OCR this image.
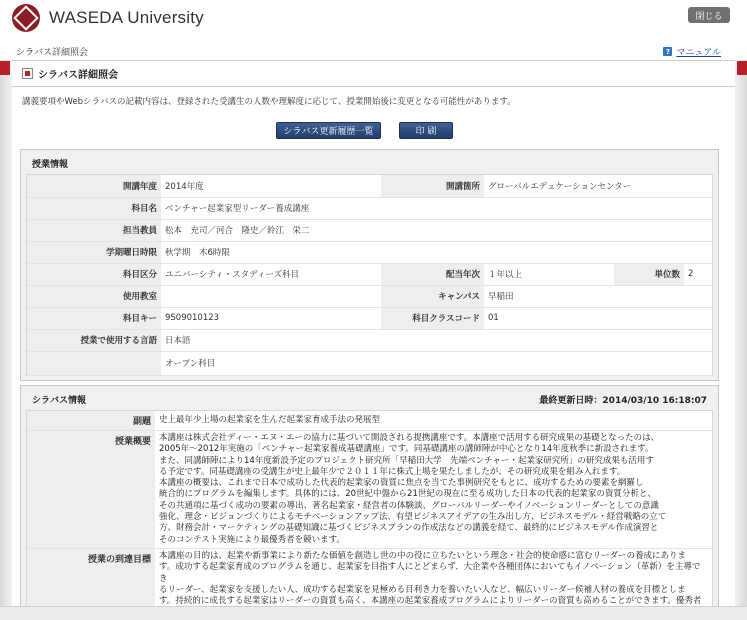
WASEDA University	閉じる
シラバス詳細照会	? マニュアル
シラバス詳細照会
講義要項やWebシラバスの記載内容は、登録された受講生の人数や理解度に応じて、授業開始後に変更となる可能性があります。
シラバス更新履歴一覧	印 刷
授業情報
開講年度	2014年度	開講箇所	グローバルエデュケーションセンター		
科目名	ベンチャー起業家型リーダー養成講座				
担当教員	松本　充司／河合　隆史／鈴江　栄二				
学期曜日時限	秋学期　木6時限				
科目区分	ユニバーシティ・スタディーズ科目	配当年次	１年以上	単位数	2
使用教室		キャンパス	早稲田		
科目キー	9S09010123	科目クラスコード	01		
授業で使用する言語	日本語				
	オープン科目				
シラバス情報	最終更新日時：2014/03/10 16:18:07
副題 史上最年少上場の起業家を生んだ起業家育成手法の発展型
授業概要 本講座は株式会社ディー・エヌ・エーの協力に基づいて開設される提携講座です。本講座で活用する研究成果の基礎となったのは、
2005年〜2012年実施の「ベンチャー起業家養成基礎講座」です。同基礎講座の講師陣が中心となり14年度秋季に新設されます。
また、同講師陣により14年度新設予定のプロジェクト研究所「早稲田大学　先端ベンチャー・起業家研究所」の研究成果も活用す
る予定です。同基礎講座の受講生が史上最年少で２０１１年に株式上場を果たしましたが、その研究成果を組み入れます。
本講座の概要は、これまで日本で成功した代表的起業家の資質に焦点を当てた事例研究をもとに、成功するための要素を網羅し
統合的にプログラムを編集します。具体的には、20世紀中盤から21世紀の現在に至る成功した日本の代表的起業家の資質分析と、
その共通項に基づく成功の要素の導出、著名起業家・経営者の体験談、グローバルリーダーやイノベーションリーダーとしての意識
強化、理念・ビジョンづくりによるモチベーションアップ法、有望ビジネスアイデアの生み出し方、ビジネスモデル・経営戦略の立て
方、財務会計・マーケティングの基礎知識に基づくビジネスプランの作成法などの講義を経て、最終的にビジネスモデル作成演習と
そのコンテスト実施により最優秀者を競います。
授業の到達目標 本講座の目的は、起業や新事業により新たな価値を創造し世の中の役に立ちたいという理念・社会的使命感に富むリーダーの養成にありま
す。成功する起業家育成のプログラムを通じ、起業家を目指す人にとどまらず、大企業や各種団体においてもイノベーション（革新）を主導でき
るリーダー、起業家を支援したい人、成功する起業家を見極める目利き力を養いたい人など、幅広いリーダー候補人材の養成を目標としま
す。持続的に成長する起業家はリーダーの資質も高く、本講座の起業家養成プログラムによりリーダーの資質も高めることができます。優秀者
